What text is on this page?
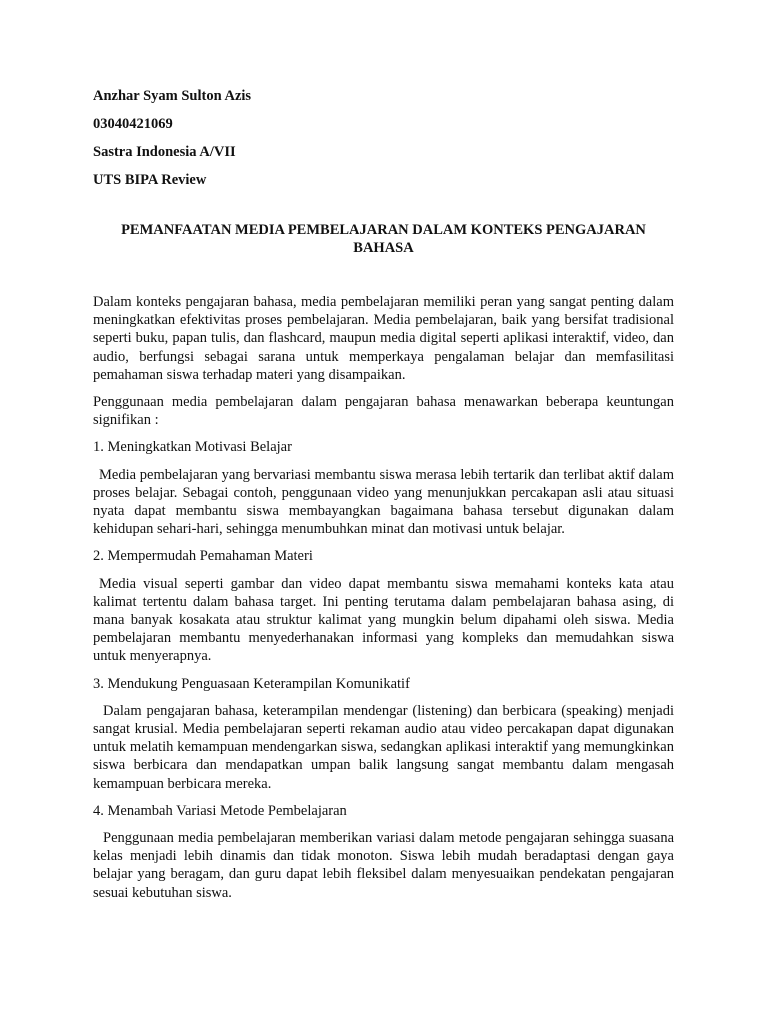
Anzhar Syam Sulton Azis
03040421069
Sastra Indonesia A/VII
UTS BIPA Review
PEMANFAATAN MEDIA PEMBELAJARAN DALAM KONTEKS PENGAJARAN BAHASA

Dalam konteks pengajaran bahasa, media pembelajaran memiliki peran yang sangat penting dalam meningkatkan efektivitas proses pembelajaran. Media pembelajaran, baik yang bersifat tradisional seperti buku, papan tulis, dan flashcard, maupun media digital seperti aplikasi interaktif, video, dan audio, berfungsi sebagai sarana untuk memperkaya pengalaman belajar dan memfasilitasi pemahaman siswa terhadap materi yang disampaikan.

Penggunaan media pembelajaran dalam pengajaran bahasa menawarkan beberapa keuntungan signifikan :

1. Meningkatkan Motivasi Belajar

Media pembelajaran yang bervariasi membantu siswa merasa lebih tertarik dan terlibat aktif dalam proses belajar. Sebagai contoh, penggunaan video yang menunjukkan percakapan asli atau situasi nyata dapat membantu siswa membayangkan bagaimana bahasa tersebut digunakan dalam kehidupan sehari-hari, sehingga menumbuhkan minat dan motivasi untuk belajar.

2. Mempermudah Pemahaman Materi

Media visual seperti gambar dan video dapat membantu siswa memahami konteks kata atau kalimat tertentu dalam bahasa target. Ini penting terutama dalam pembelajaran bahasa asing, di mana banyak kosakata atau struktur kalimat yang mungkin belum dipahami oleh siswa. Media pembelajaran membantu menyederhanakan informasi yang kompleks dan memudahkan siswa untuk menyerapnya.

3. Mendukung Penguasaan Keterampilan Komunikatif

Dalam pengajaran bahasa, keterampilan mendengar (listening) dan berbicara (speaking) menjadi sangat krusial. Media pembelajaran seperti rekaman audio atau video percakapan dapat digunakan untuk melatih kemampuan mendengarkan siswa, sedangkan aplikasi interaktif yang memungkinkan siswa berbicara dan mendapatkan umpan balik langsung sangat membantu dalam mengasah kemampuan berbicara mereka.

4. Menambah Variasi Metode Pembelajaran

Penggunaan media pembelajaran memberikan variasi dalam metode pengajaran sehingga suasana kelas menjadi lebih dinamis dan tidak monoton. Siswa lebih mudah beradaptasi dengan gaya belajar yang beragam, dan guru dapat lebih fleksibel dalam menyesuaikan pendekatan pengajaran sesuai kebutuhan siswa.
